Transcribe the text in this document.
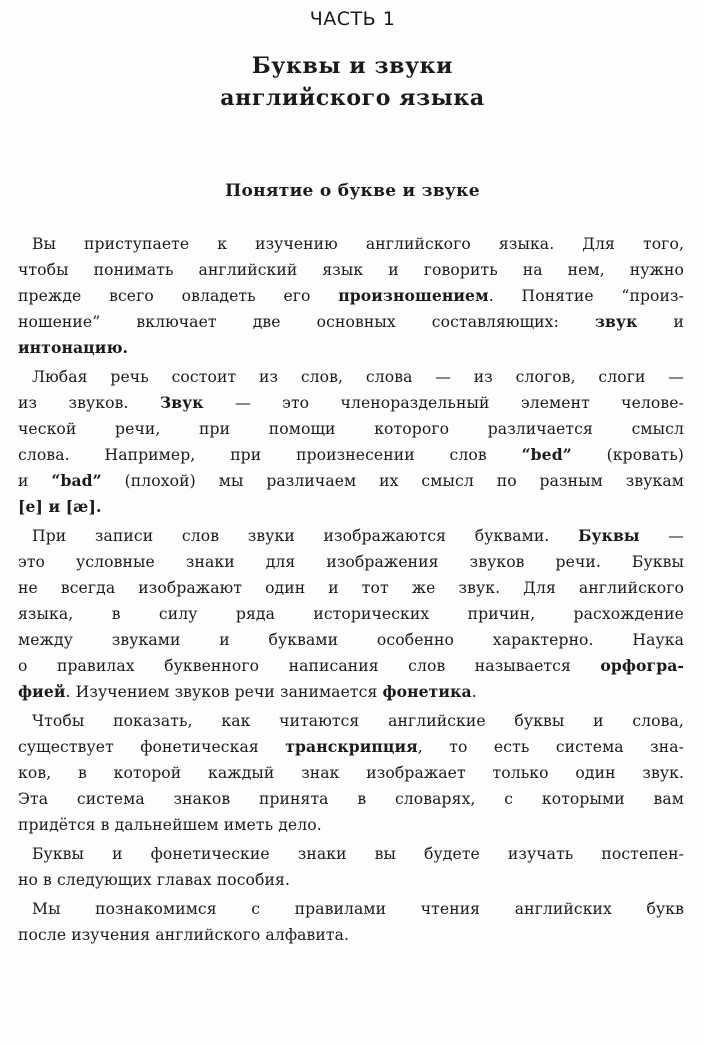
ЧАСТЬ 1
Буквы и звуки
английского языка
Понятие о букве и звуке

Вы приступаете к изучению английского языка. Для того,
чтобы понимать английский язык и говорить на нем, нужно
прежде всего овладеть его произношением. Понятие “произ-
ношение” включает две основных составляющих: звук и
интонацию.

Любая речь состоит из слов, слова — из слогов, слоги —
из звуков. Звук — это членораздельный элемент челове-
ческой речи, при помощи которого различается смысл
слова. Например, при произнесении слов “bed” (кровать)
и “bad” (плохой) мы различаем их смысл по разным звукам
[e] и [æ].

При записи слов звуки изображаются буквами. Буквы —
это условные знаки для изображения звуков речи. Буквы
не всегда изображают один и тот же звук. Для английского
языка, в силу ряда исторических причин, расхождение
между звуками и буквами особенно характерно. Наука
о правилах буквенного написания слов называется орфогра-
фией. Изучением звуков речи занимается фонетика.

Чтобы показать, как читаются английские буквы и слова,
существует фонетическая транскрипция, то есть система зна-
ков, в которой каждый знак изображает только один звук.
Эта система знаков принята в словарях, с которыми вам
придётся в дальнейшем иметь дело.

Буквы и фонетические знаки вы будете изучать постепен-
но в следующих главах пособия.

Мы познакомимся с правилами чтения английских букв
после изучения английского алфавита.
